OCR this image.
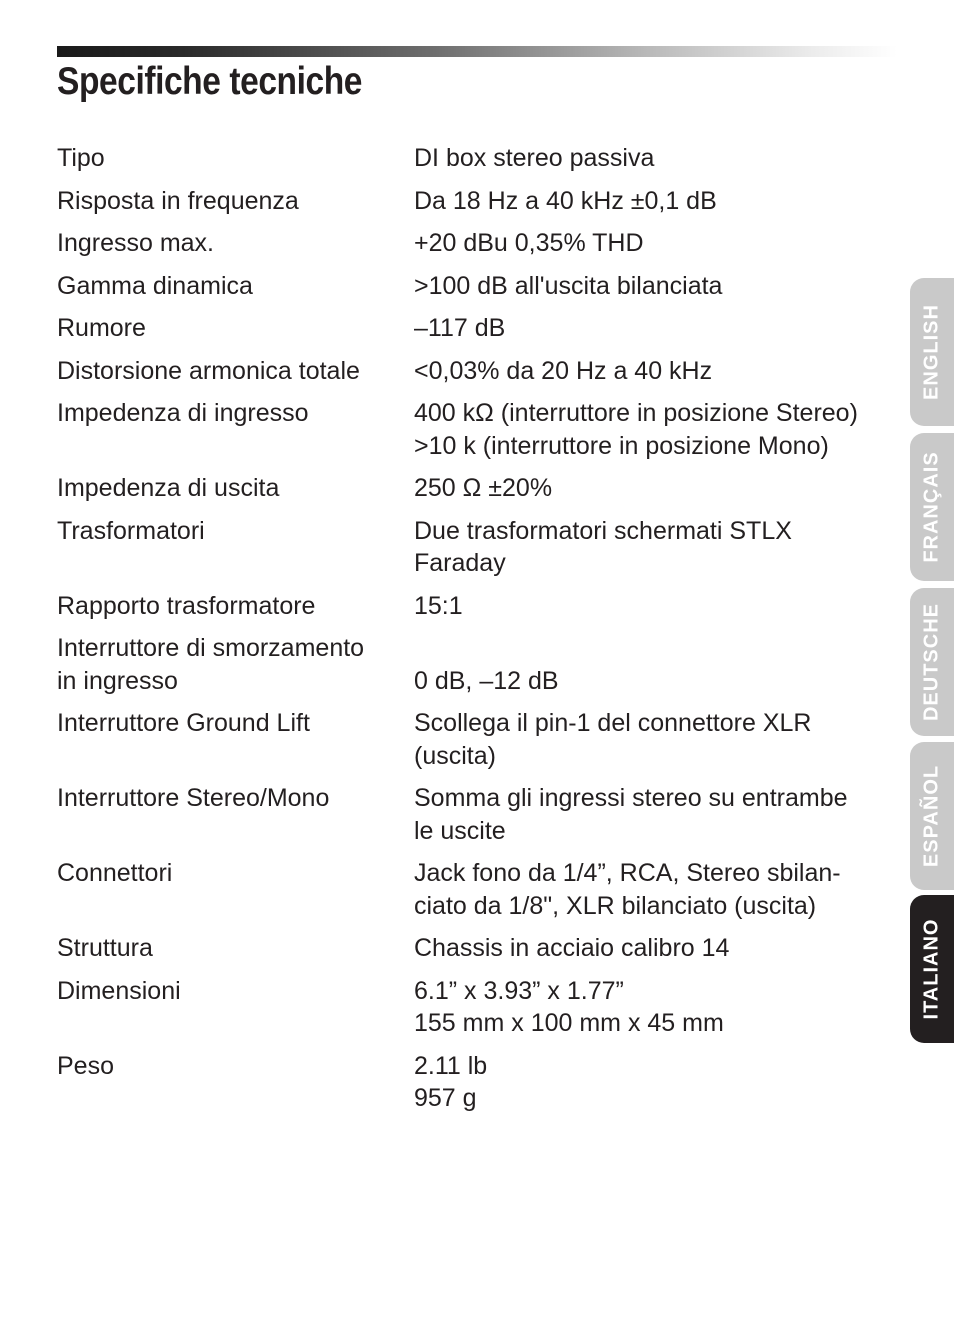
Specifiche tecniche
Tipo	DI box stereo passiva
Risposta in frequenza	Da 18 Hz a 40 kHz ±0,1 dB
Ingresso max.	+20 dBu 0,35% THD
Gamma dinamica	>100 dB all'uscita bilanciata
Rumore	–117 dB
Distorsione armonica totale	<0,03% da 20 Hz a 40 kHz
Impedenza di ingresso	400 kΩ (interruttore in posizione Stereo)
>10 k (interruttore in posizione Mono)
Impedenza di uscita	250 Ω ±20%
Trasformatori	Due trasformatori schermati STLX
Faraday
Rapporto trasformatore	15:1
Interruttore di smorzamento
in ingresso	0 dB, –12 dB
Interruttore Ground Lift	Scollega il pin-1 del connettore XLR
(uscita)
Interruttore Stereo/Mono	Somma gli ingressi stereo su entrambe
le uscite
Connettori	Jack fono da 1/4”, RCA, Stereo sbilan-
ciato da 1/8", XLR bilanciato (uscita)
Struttura	Chassis in acciaio calibro 14
Dimensioni	6.1” x 3.93” x 1.77”
155 mm x 100 mm x 45 mm
Peso	2.11 lb
957 g
ENGLISH
FRANÇAIS
DEUTSCHE
ESPAÑOL
ITALIANO
